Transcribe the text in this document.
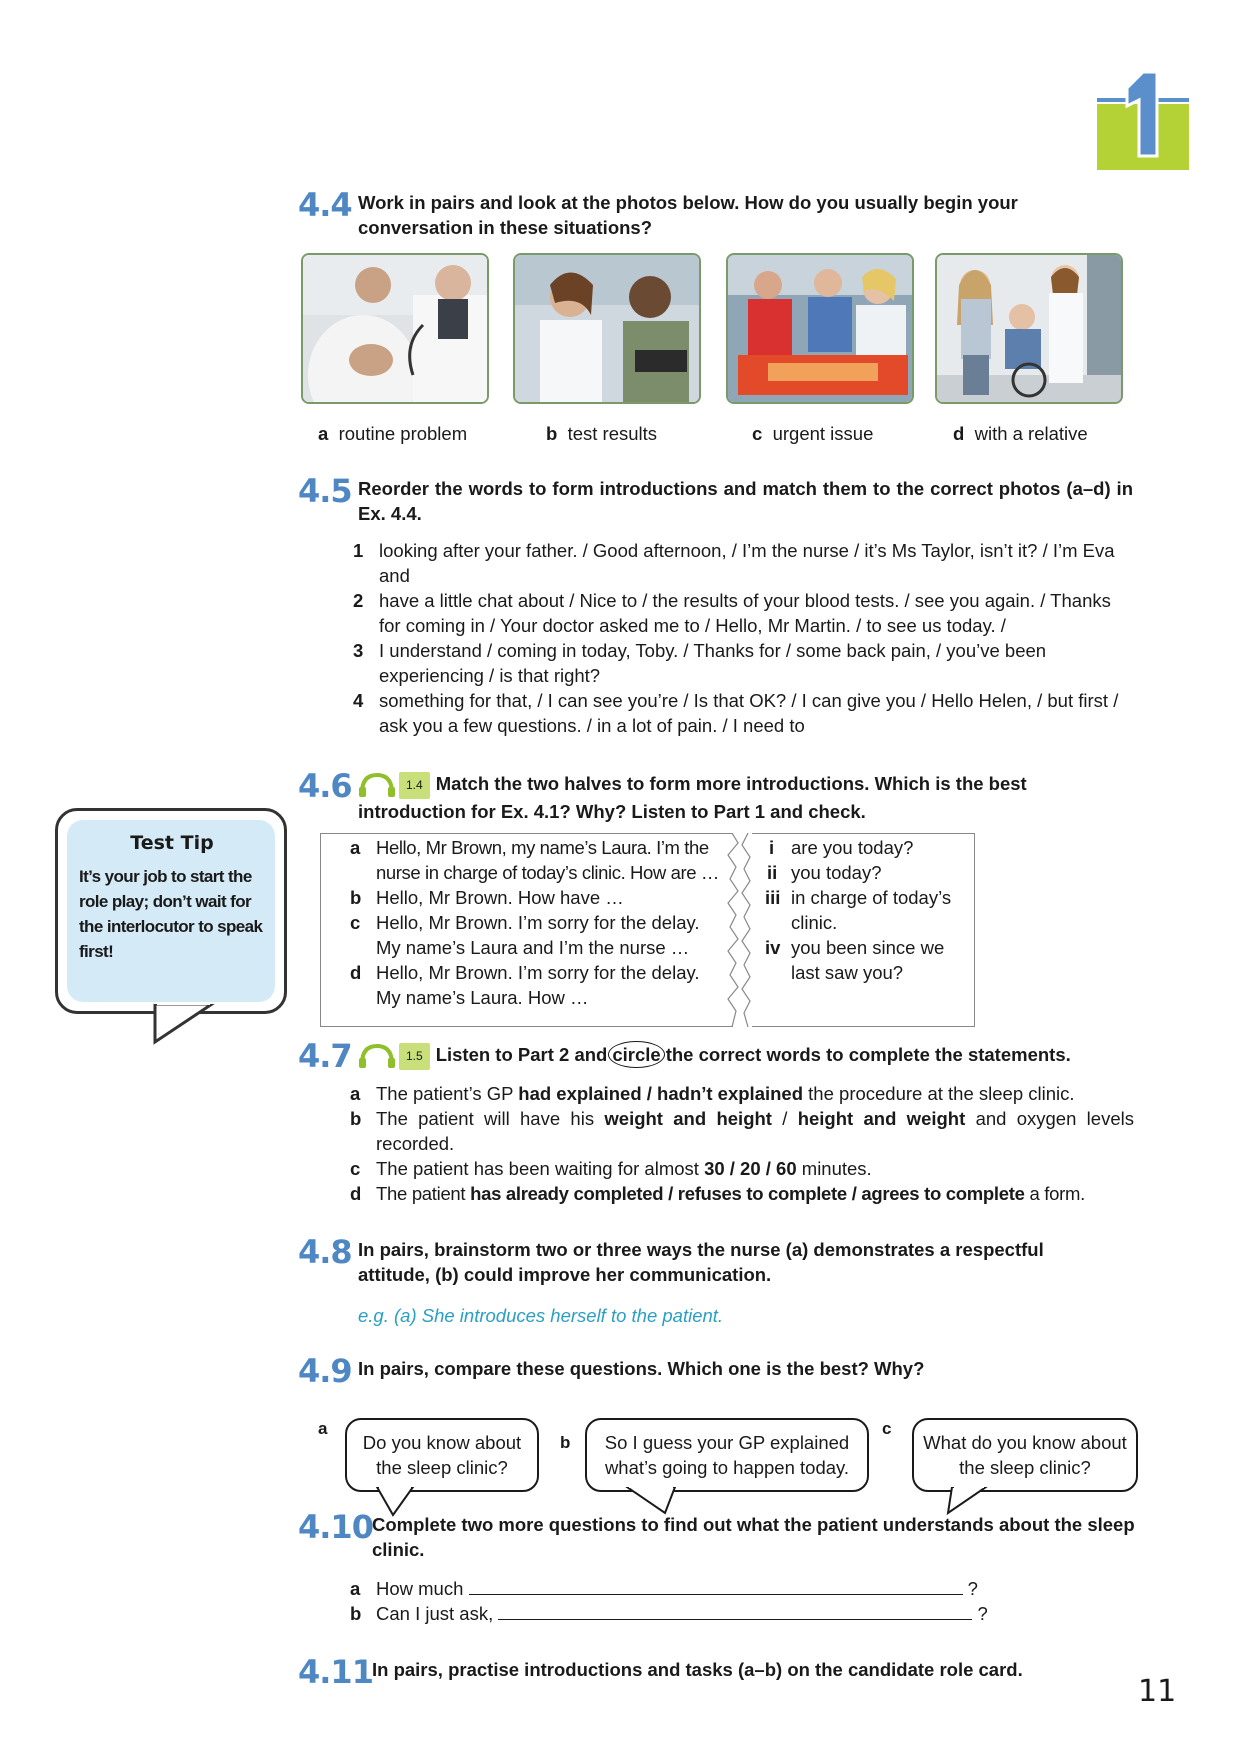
4.4 Work in pairs and look at the photos below. How do you usually begin your conversation in these situations?
a routine problem	b test results	c urgent issue	d with a relative
4.5 Reorder the words to form introductions and match them to the correct photos (a–d) in Ex. 4.4.
1 looking after your father. / Good afternoon, / I’m the nurse / it’s Ms Taylor, isn’t it? / I’m Eva and
2 have a little chat about / Nice to / the results of your blood tests. / see you again. / Thanks for coming in / Your doctor asked me to / Hello, Mr Martin. / to see us today. /
3 I understand / coming in today, Toby. / Thanks for / some back pain, / you’ve been experiencing / is that right?
4 something for that, / I can see you’re / Is that OK? / I can give you / Hello Helen, / but first / ask you a few questions. / in a lot of pain. / I need to
Test Tip
It’s your job to start the role play; don’t wait for the interlocutor to speak first!
4.6	1.4 Match the two halves to form more introductions. Which is the best introduction for Ex. 4.1? Why? Listen to Part 1 and check.
a Hello, Mr Brown, my name’s Laura. I’m the nurse in charge of today’s clinic. How are …
b Hello, Mr Brown. How have …
c Hello, Mr Brown. I’m sorry for the delay. My name’s Laura and I’m the nurse …
d Hello, Mr Brown. I’m sorry for the delay. My name’s Laura. How …
i are you today?
ii you today?
iii in charge of today’s clinic.
iv you been since we last saw you?
4.7	1.5 Listen to Part 2 and circle the correct words to complete the statements.
a The patient’s GP had explained / hadn’t explained the procedure at the sleep clinic.
b The patient will have his weight and height / height and weight and oxygen levels recorded.
c The patient has been waiting for almost 30 / 20 / 60 minutes.
d The patient has already completed / refuses to complete / agrees to complete a form.
4.8 In pairs, brainstorm two or three ways the nurse (a) demonstrates a respectful attitude, (b) could improve her communication.
e.g. (a) She introduces herself to the patient.
4.9 In pairs, compare these questions. Which one is the best? Why?
a
Do you know about the sleep clinic?
b	So I guess your GP explained what’s going to happen today.
c
What do you know about the sleep clinic?
4.10 Complete two more questions to find out what the patient understands about the sleep clinic.
a How much	?
b Can I just ask,	?
4.11 In pairs, practise introductions and tasks (a–b) on the candidate role card.
11
